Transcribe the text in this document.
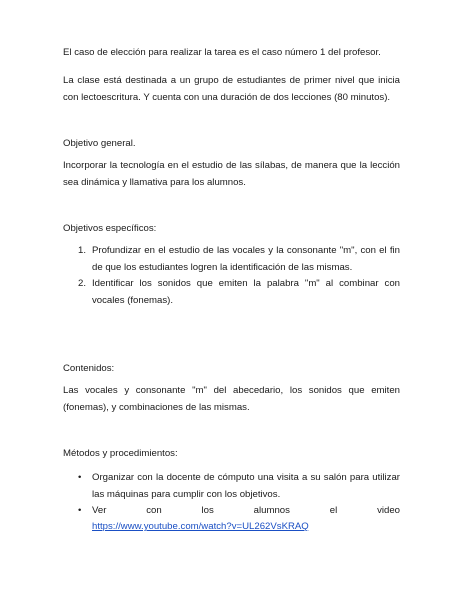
El caso de elección para realizar la tarea es el caso número 1 del profesor.

La clase está destinada a un grupo de estudiantes de primer nivel que inicia con lectoescritura. Y cuenta con una duración de dos lecciones (80 minutos).

Objetivo general.

Incorporar la tecnología en el estudio de las sílabas, de manera que la lección sea dinámica y llamativa para los alumnos.

Objetivos específicos:

1. Profundizar en el estudio de las vocales y la consonante "m", con el fin de que los estudiantes logren la identificación de las mismas.

2. Identificar los sonidos que emiten la palabra "m" al combinar con vocales (fonemas).

Contenidos:

Las vocales y consonante "m" del abecedario, los sonidos que emiten (fonemas), y combinaciones de las mismas.

Métodos y procedimientos:

• Organizar con la docente de cómputo una visita a su salón para utilizar las máquinas para cumplir con los objetivos.

• Ver con los alumnos el video

https://www.youtube.com/watch?v=UL262VsKRAQ
